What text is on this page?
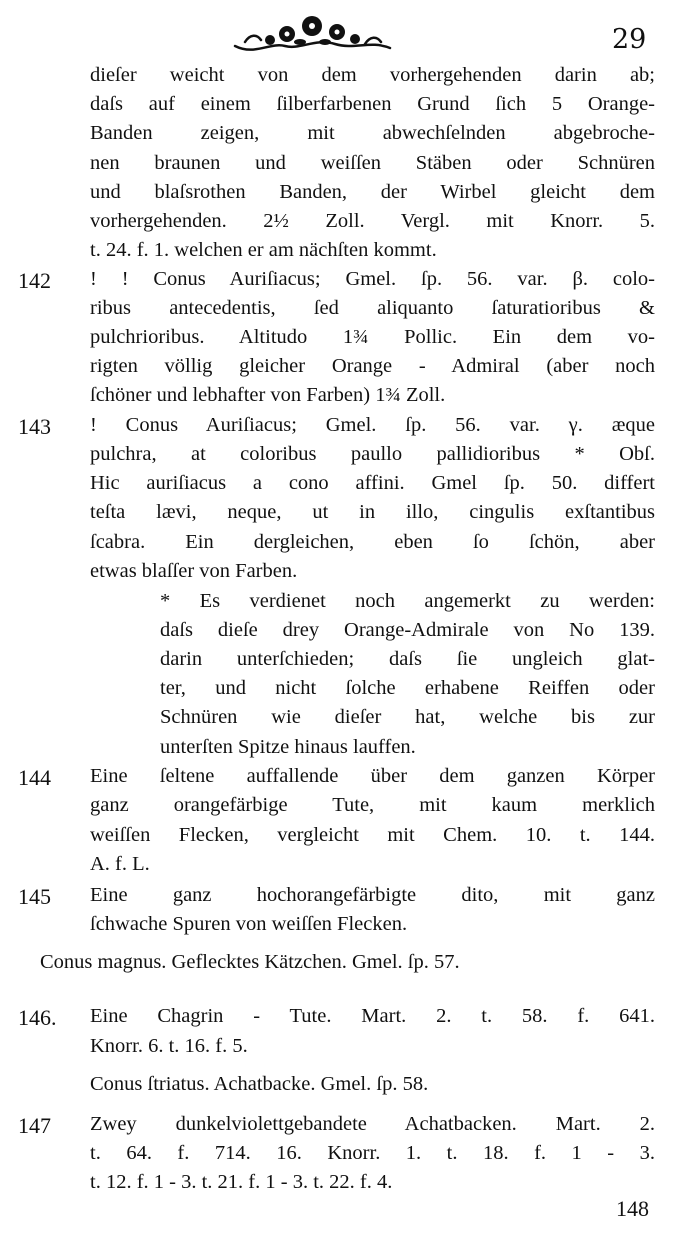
29
dieſer weicht von dem vorhergehenden darin ab;
daſs auf einem ſilberfarbenen Grund ſich 5 Orange-
Banden zeigen, mit abwechſelnden abgebroche-
nen braunen und weiſſen Stäben oder Schnüren
und blaſsrothen Banden, der Wirbel gleicht dem
vorhergehenden. 2½ Zoll. Vergl. mit Knorr. 5.
t. 24. f. 1. welchen er am nächſten kommt.
142 ! ! Conus Auriſiacus; Gmel. ſp. 56. var. β. colo-
ribus antecedentis, ſed aliquanto ſaturatioribus &
pulchrioribus. Altitudo 1¾ Pollic. Ein dem vo-
rigten völlig gleicher Orange - Admiral (aber noch
ſchöner und lebhafter von Farben) 1¾ Zoll.
143 ! Conus Auriſiacus; Gmel. ſp. 56. var. γ. æque
pulchra, at coloribus paullo pallidioribus * Obſ.
Hic auriſiacus a cono affini. Gmel ſp. 50. differt
teſta lævi, neque, ut in illo, cingulis exſtantibus
ſcabra. Ein dergleichen, eben ſo ſchön, aber
etwas blaſſer von Farben.
* Es verdienet noch angemerkt zu werden:
daſs dieſe drey Orange-Admirale von No 139.
darin unterſchieden; daſs ſie ungleich glat-
ter, und nicht ſolche erhabene Reiffen oder
Schnüren wie dieſer hat, welche bis zur
unterſten Spitze hinaus lauffen.
144 Eine ſeltene auffallende über dem ganzen Körper
ganz orangefärbige Tute, mit kaum merklich
weiſſen Flecken, vergleicht mit Chem. 10. t. 144.
A. f. L.
145 Eine ganz hochorangefärbigte dito, mit ganz
ſchwache Spuren von weiſſen Flecken.
Conus magnus. Geflecktes Kätzchen. Gmel. ſp. 57.
146. Eine Chagrin - Tute. Mart. 2. t. 58. f. 641.
Knorr. 6. t. 16. f. 5.
Conus ſtriatus. Achatbacke. Gmel. ſp. 58.
147 Zwey dunkelviolettgebandete Achatbacken. Mart. 2.
t. 64. f. 714. 16. Knorr. 1. t. 18. f. 1 - 3.
t. 12. f. 1 - 3. t. 21. f. 1 - 3. t. 22. f. 4.
148
